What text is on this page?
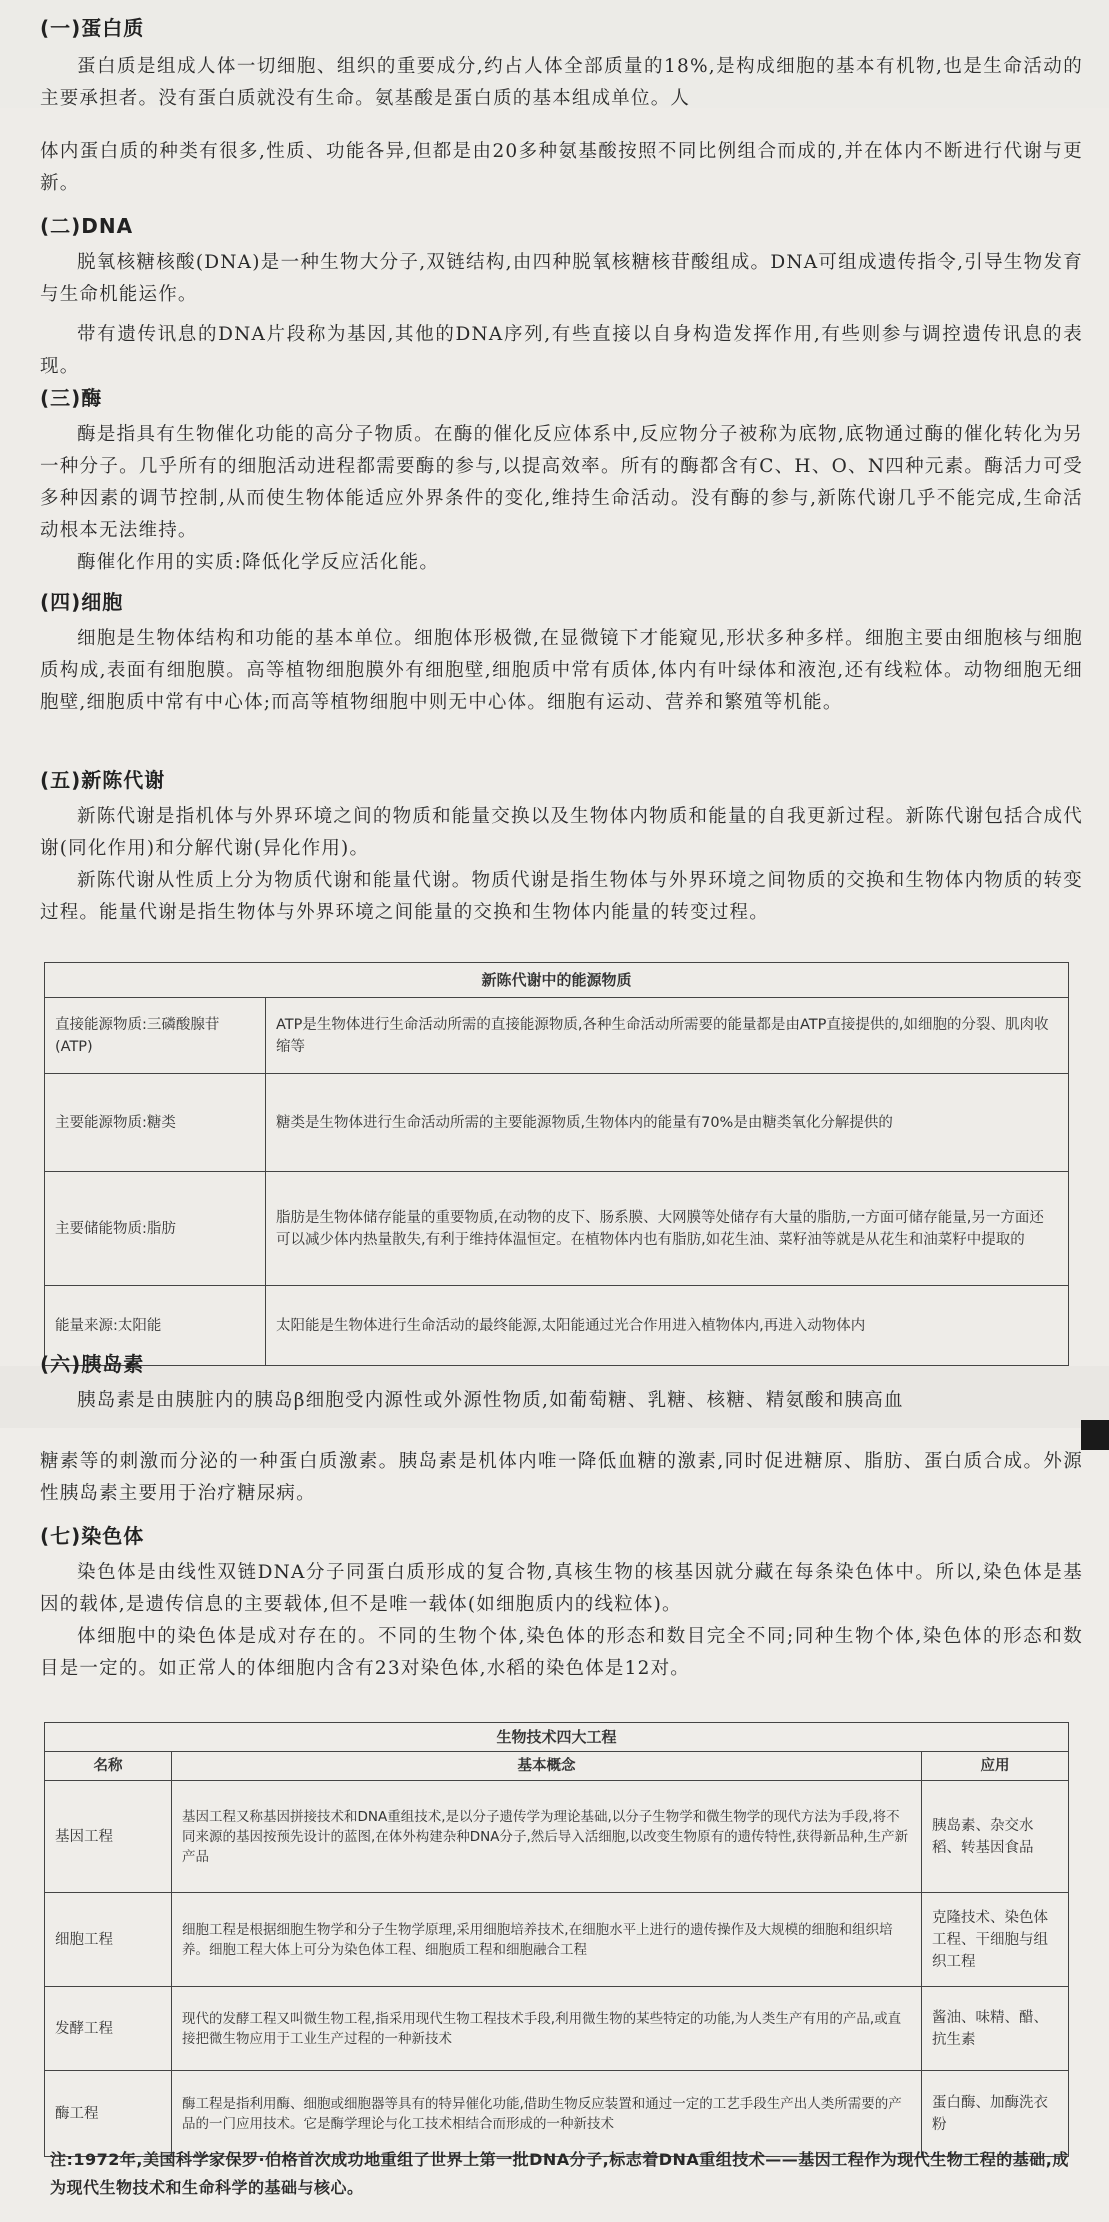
(一)蛋白质

蛋白质是组成人体一切细胞、组织的重要成分,约占人体全部质量的18%,是构成细胞的基本有机物,也是生命活动的主要承担者。没有蛋白质就没有生命。氨基酸是蛋白质的基本组成单位。人

体内蛋白质的种类有很多,性质、功能各异,但都是由20多种氨基酸按照不同比例组合而成的,并在体内不断进行代谢与更新。

(二)DNA

脱氧核糖核酸(DNA)是一种生物大分子,双链结构,由四种脱氧核糖核苷酸组成。DNA可组成遗传指令,引导生物发育与生命机能运作。

带有遗传讯息的DNA片段称为基因,其他的DNA序列,有些直接以自身构造发挥作用,有些则参与调控遗传讯息的表现。

(三)酶

酶是指具有生物催化功能的高分子物质。在酶的催化反应体系中,反应物分子被称为底物,底物通过酶的催化转化为另一种分子。几乎所有的细胞活动进程都需要酶的参与,以提高效率。所有的酶都含有C、H、O、N四种元素。酶活力可受多种因素的调节控制,从而使生物体能适应外界条件的变化,维持生命活动。没有酶的参与,新陈代谢几乎不能完成,生命活动根本无法维持。

酶催化作用的实质:降低化学反应活化能。

(四)细胞

细胞是生物体结构和功能的基本单位。细胞体形极微,在显微镜下才能窥见,形状多种多样。细胞主要由细胞核与细胞质构成,表面有细胞膜。高等植物细胞膜外有细胞壁,细胞质中常有质体,体内有叶绿体和液泡,还有线粒体。动物细胞无细胞壁,细胞质中常有中心体;而高等植物细胞中则无中心体。细胞有运动、营养和繁殖等机能。

(五)新陈代谢

新陈代谢是指机体与外界环境之间的物质和能量交换以及生物体内物质和能量的自我更新过程。新陈代谢包括合成代谢(同化作用)和分解代谢(异化作用)。

新陈代谢从性质上分为物质代谢和能量代谢。物质代谢是指生物体与外界环境之间物质的交换和生物体内物质的转变过程。能量代谢是指生物体与外界环境之间能量的交换和生物体内能量的转变过程。

新陈代谢中的能源物质	
直接能源物质:三磷酸腺苷(ATP)	ATP是生物体进行生命活动所需的直接能源物质,各种生命活动所需要的能量都是由ATP直接提供的,如细胞的分裂、肌肉收缩等
主要能源物质:糖类	糖类是生物体进行生命活动所需的主要能源物质,生物体内的能量有70%是由糖类氧化分解提供的
主要储能物质:脂肪	脂肪是生物体储存能量的重要物质,在动物的皮下、肠系膜、大网膜等处储存有大量的脂肪,一方面可储存能量,另一方面还可以减少体内热量散失,有利于维持体温恒定。在植物体内也有脂肪,如花生油、菜籽油等就是从花生和油菜籽中提取的
能量来源:太阳能	太阳能是生物体进行生命活动的最终能源,太阳能通过光合作用进入植物体内,再进入动物体内
(六)胰岛素

胰岛素是由胰脏内的胰岛β细胞受内源性或外源性物质,如葡萄糖、乳糖、核糖、精氨酸和胰高血

糖素等的刺激而分泌的一种蛋白质激素。胰岛素是机体内唯一降低血糖的激素,同时促进糖原、脂肪、蛋白质合成。外源性胰岛素主要用于治疗糖尿病。

(七)染色体

染色体是由线性双链DNA分子同蛋白质形成的复合物,真核生物的核基因就分藏在每条染色体中。所以,染色体是基因的载体,是遗传信息的主要载体,但不是唯一载体(如细胞质内的线粒体)。

体细胞中的染色体是成对存在的。不同的生物个体,染色体的形态和数目完全不同;同种生物个体,染色体的形态和数目是一定的。如正常人的体细胞内含有23对染色体,水稻的染色体是12对。

生物技术四大工程		
名称	基本概念	应用
基因工程	基因工程又称基因拼接技术和DNA重组技术,是以分子遗传学为理论基础,以分子生物学和微生物学的现代方法为手段,将不同来源的基因按预先设计的蓝图,在体外构建杂种DNA分子,然后导入活细胞,以改变生物原有的遗传特性,获得新品种,生产新产品	胰岛素、杂交水稻、转基因食品
细胞工程	细胞工程是根据细胞生物学和分子生物学原理,采用细胞培养技术,在细胞水平上进行的遗传操作及大规模的细胞和组织培养。细胞工程大体上可分为染色体工程、细胞质工程和细胞融合工程	克隆技术、染色体工程、干细胞与组织工程
发酵工程	现代的发酵工程又叫微生物工程,指采用现代生物工程技术手段,利用微生物的某些特定的功能,为人类生产有用的产品,或直接把微生物应用于工业生产过程的一种新技术	酱油、味精、醋、抗生素
酶工程	酶工程是指利用酶、细胞或细胞器等具有的特异催化功能,借助生物反应装置和通过一定的工艺手段生产出人类所需要的产品的一门应用技术。它是酶学理论与化工技术相结合而形成的一种新技术	蛋白酶、加酶洗衣粉
注:1972年,美国科学家保罗·伯格首次成功地重组了世界上第一批DNA分子,标志着DNA重组技术——基因工程作为现代生物工程的基础,成为现代生物技术和生命科学的基础与核心。
